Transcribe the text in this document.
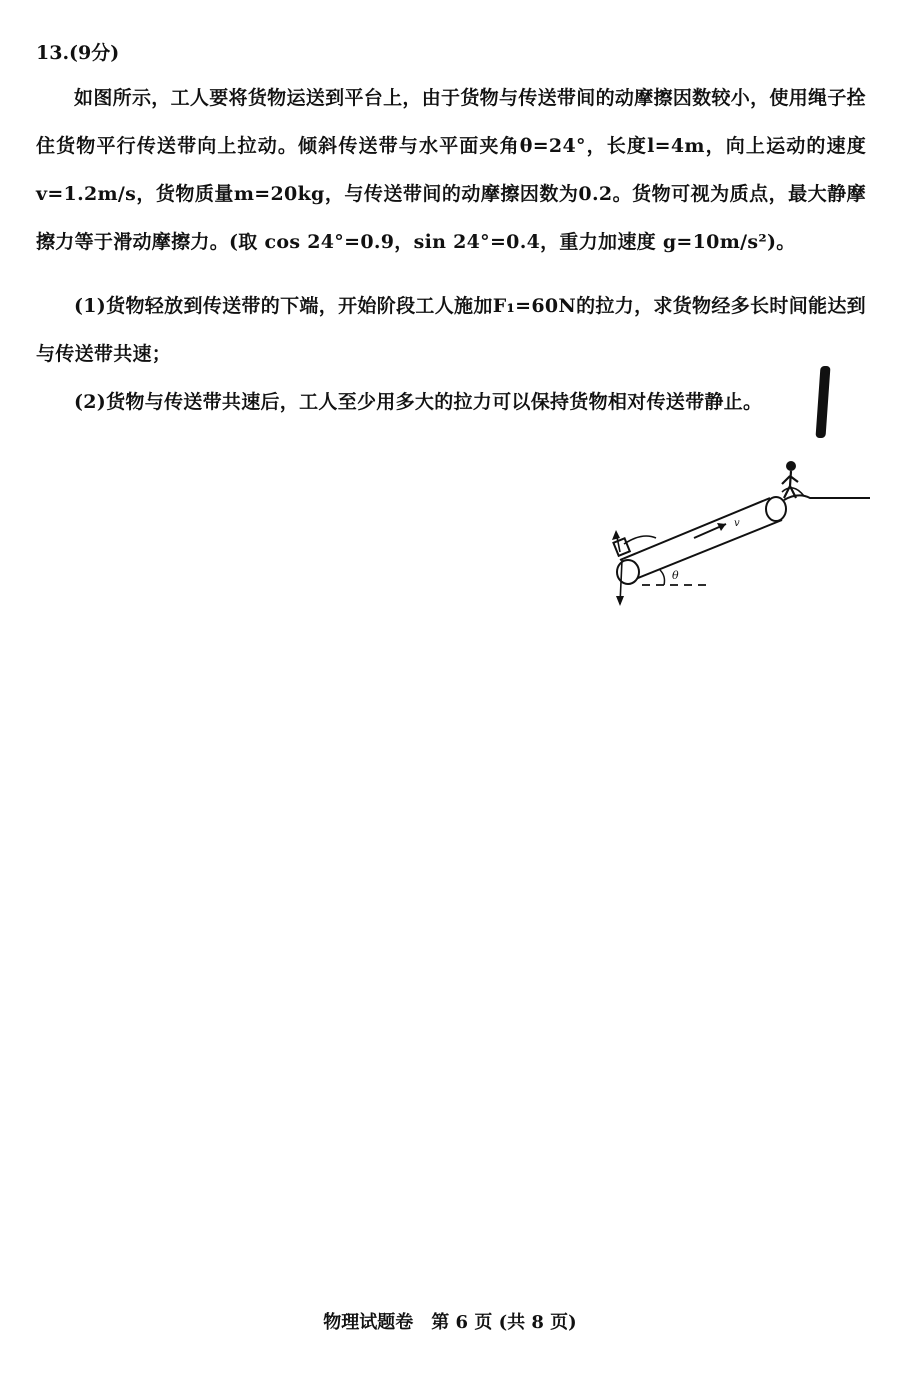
13.(9分)
如图所示，工人要将货物运送到平台上，由于货物与传送带间的动摩擦因数较小，使用绳子拴住货物平行传送带向上拉动。倾斜传送带与水平面夹角θ=24°，长度l=4m，向上运动的速度v=1.2m/s，货物质量m=20kg，与传送带间的动摩擦因数为0.2。货物可视为质点，最大静摩擦力等于滑动摩擦力。(取 cos 24°=0.9，sin 24°=0.4，重力加速度 g=10m/s²)。
(1)货物轻放到传送带的下端，开始阶段工人施加F₁=60N的拉力，求货物经多长时间能达到与传送带共速；
(2)货物与传送带共速后，工人至少用多大的拉力可以保持货物相对传送带静止。
v
θ
物理试题卷　第 6 页 (共 8 页)
